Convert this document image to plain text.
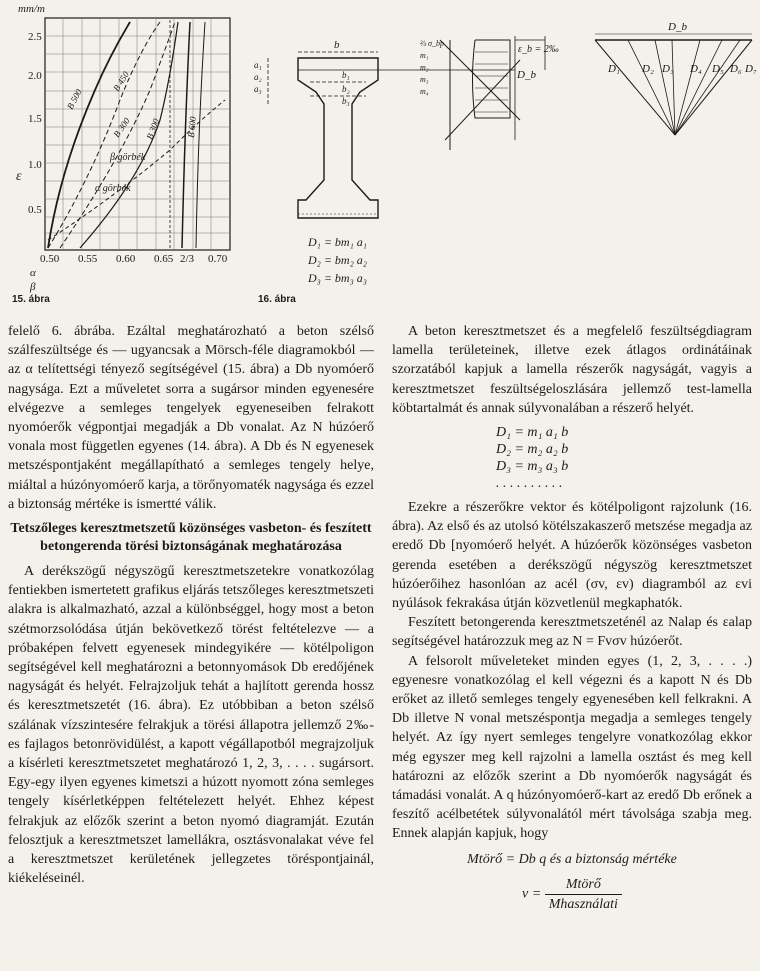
mm/m
ε
0.5
1.0
1.5
2.0
2.5
0.50 0.55 0.60 0.65 2/3 0.70
α
β
B 500
B 450
B 300 B 300	B 600
β görbék
α görbék
b
a₁
a₂
a₃
b₁
b₂
b₃
⅔ σ_bp
m₁
m₂
m₃
m₄
ε_b = 2‰
D_b
D₁ = bm₁ a₁
D₂ = bm₂ a₂
D₃ = bm₃ a₃
D_b
D₁ D₂ D₃ D₄ D₅ D₆ D₇
15. ábra	16. ábra

felelő 6. ábrába. Ezáltal meghatározható a beton szélső szálfeszültsége és — ugyancsak a Mörsch-féle diagramokból — az α telítettségi tényező segítségével (15. ábra) a Db nyomóerő nagysága. Ezt a műveletet sorra a sugársor minden egyenesére elvégezve a semleges tengelyek egyeneseiben felrakott nyomóerők végpontjai megadják a Db vonalat. Az N húzóerő vonala most független egyenes (14. ábra). A Db és N egyenesek metszéspontjaként megállapítható a semleges tengely helye, miáltal a húzónyomóerő karja, a törőnyomaték nagysága és ezzel a biztonság mértéke is ismertté válik.

Tetszőleges keresztmetszetű közönséges vasbeton- és feszített betongerenda törési biztonságának meghatározása

A derékszögű négyszögű keresztmetszetekre vonatkozólag fentiekben ismertetett grafikus eljárás tetszőleges keresztmetszeti alakra is alkalmazható, azzal a különbséggel, hogy most a beton szétmorzsolódása útján bekövetkező törést feltételezve — a próbaképen felvett egyenesek mindegyikére — kötélpoligon segítségével kell meghatározni a betonnyomások Db eredőjének nagyságát és helyét. Felrajzoljuk tehát a hajlított gerenda hossz és keresztmetszetét (16. ábra). Ez utóbbiban a beton szélső szálának vízszintesére felrakjuk a törési állapotra jellemző 2‰-es fajlagos betonrövidülést, a kapott végállapotból megrajzoljuk a kísérleti keresztmetszetet meghatározó 1, 2, 3, . . . . sugársort. Egy-egy ilyen egyenes kimetszi a húzott nyomott zóna semleges tengely kísérletképpen feltételezett helyét. Ehhez képest felrakjuk az előzők szerint a beton nyomó diagramját. Ezután felosztjuk a keresztmetszet lamellákra, osztásvonalakat véve fel a keresztmetszet kerületének jellegzetes töréspontjainál, kiékeléseinél.

A beton keresztmetszet és a megfelelő feszültségdiagram lamella területeinek, illetve ezek átlagos ordinátáinak szorzatából kapjuk a lamella részerők nagyságát, vagyis a keresztmetszet feszültségeloszlására jellemző test-lamella köbtartalmát és annak súlyvonalában a részerő helyét.

D₁ = m₁ a₁ b
D₂ = m₂ a₂ b
D₃ = m₃ a₃ b
. . . . . . . . . .

Ezekre a részerőkre vektor és kötélpoligont rajzolunk (16. ábra). Az első és az utolsó kötélszakaszerő metszése megadja az eredő Db [nyomóerő helyét. A húzóerők közönséges vasbeton gerenda esetében a derékszögű négyszög keresztmetszet húzóerőihez hasonlóan az acél (σv, εv) diagramból az εvi nyúlások fekrakása útján közvetlenül megkaphatók.

Feszített betongerenda keresztmetszeténél az Nalap és εalap segítségével határozzuk meg az N = Fvσv húzóerőt.

A felsorolt műveleteket minden egyes (1, 2, 3, . . . .) egyenesre vonatkozólag el kell végezni és a kapott N és Db erőket az illető semleges tengely egyenesében kell felkrakni. A Db illetve N vonal metszéspontja megadja a semleges tengely helyét. Az így nyert semleges tengelyre vonatkozólag ekkor még egyszer meg kell rajzolni a lamella osztást és meg kell határozni az előzők szerint a Db nyomóerők nagyságát és támadási vonalát. A q húzónyomóerő-kart az eredő Db erőnek a feszítő acélbetétek súlyvonalától mért távolsága szabja meg. Ennek alapján kapjuk, hogy

Mtörő = Db q és a biztonság mértéke
$\nu = \frac{\text{Mtörő}}{\text{Mhasználati}}$
